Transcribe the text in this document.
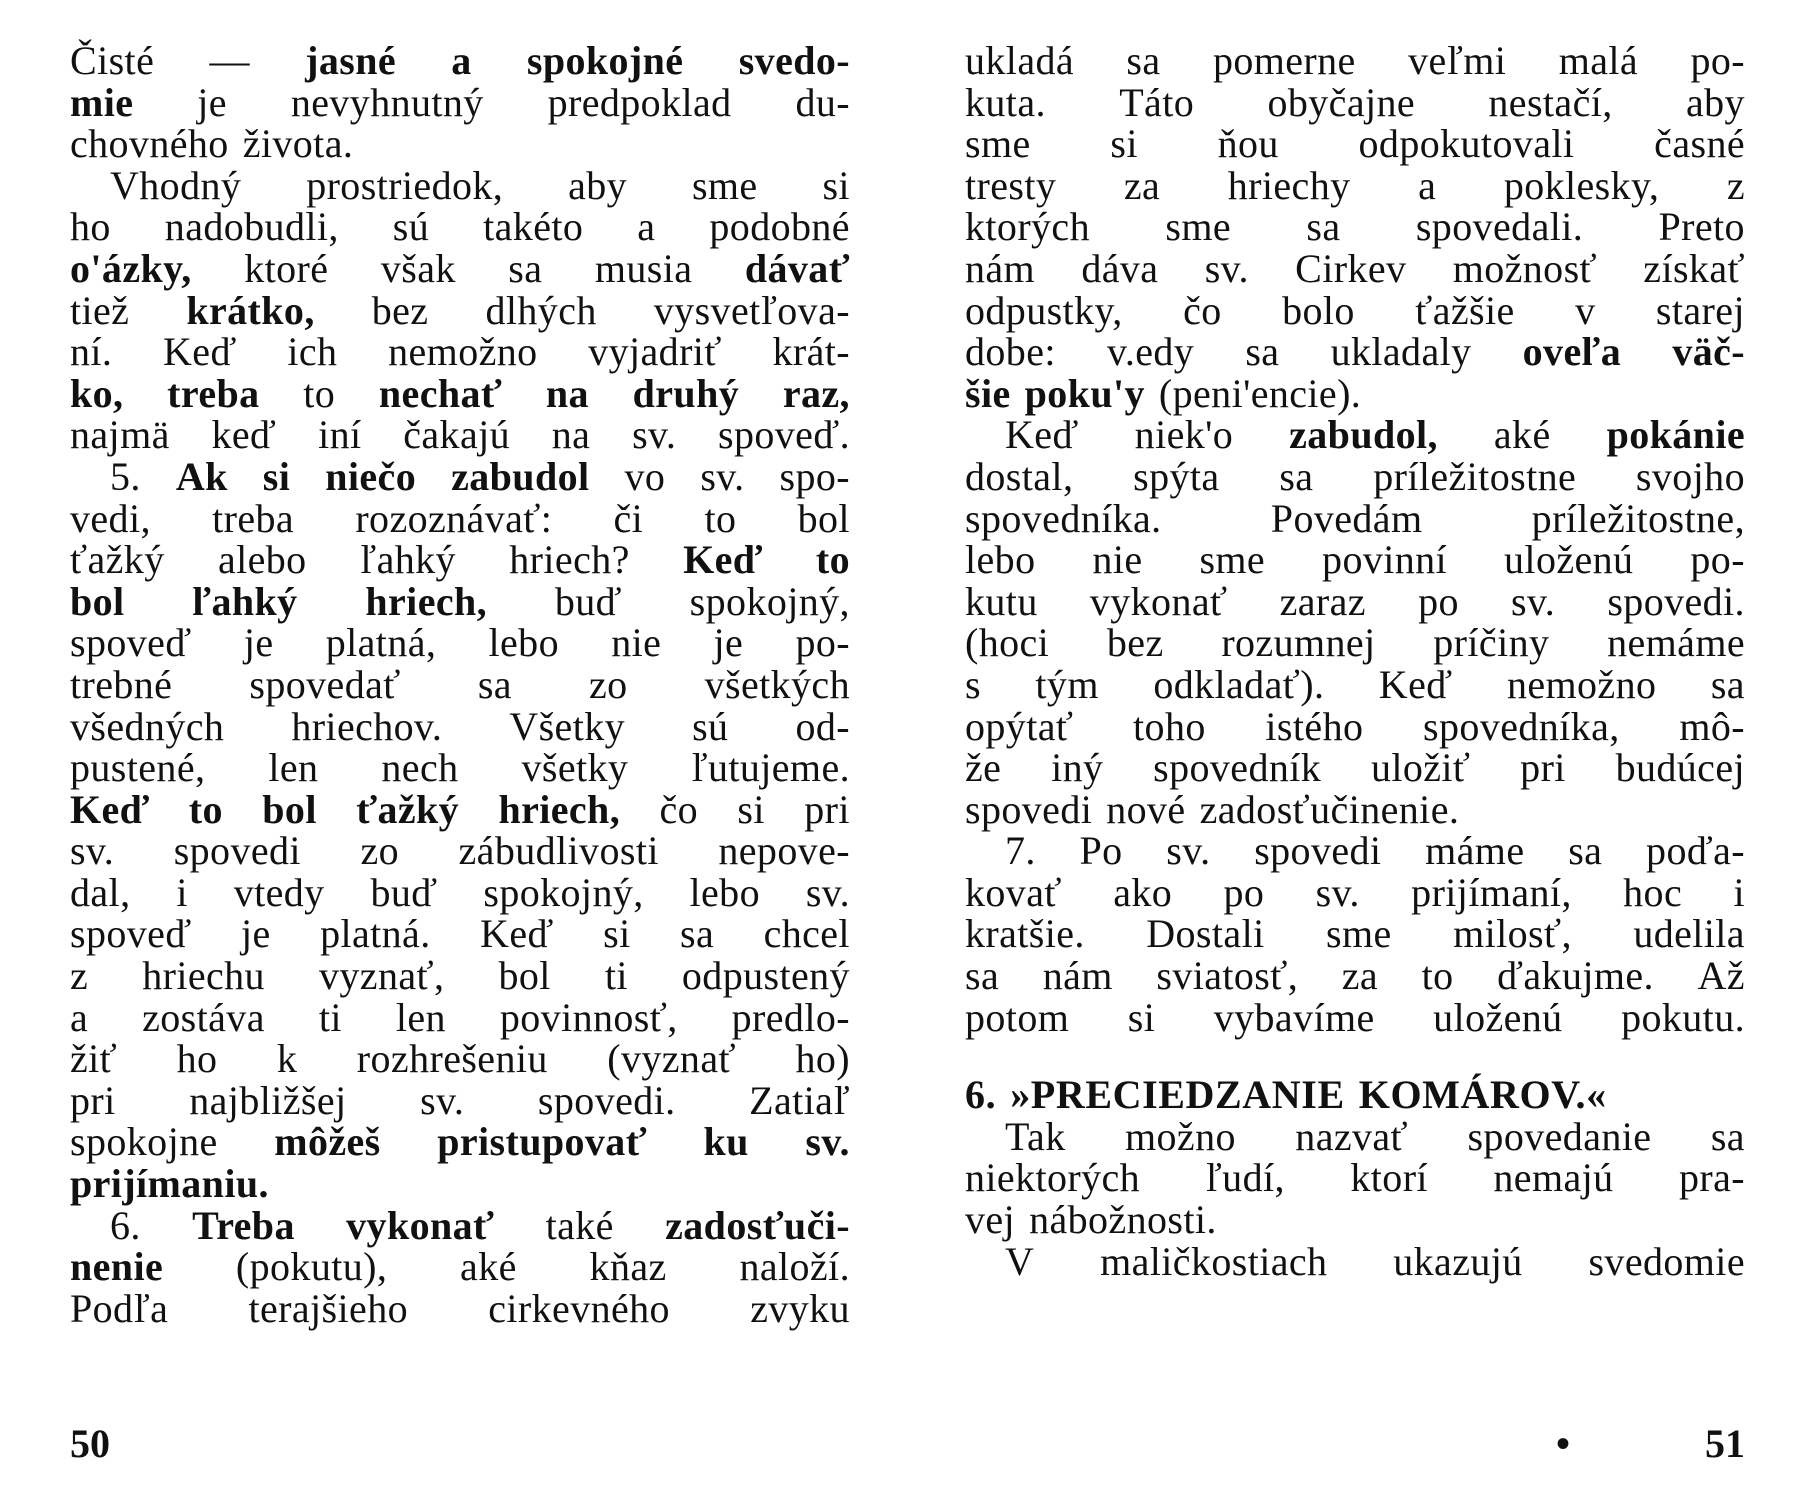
Čisté — jasné a spokojné svedo-
mie je nevyhnutný predpoklad du-
chovného života.
Vhodný prostriedok, aby sme si
ho nadobudli, sú takéto a podobné
o'ázky, ktoré však sa musia dávať
tiež krátko, bez dlhých vysvetľova-
ní. Keď ich nemožno vyjadriť krát-
ko, treba to nechať na druhý raz,
najmä keď iní čakajú na sv. spoveď.
5. Ak si niečo zabudol vo sv. spo-
vedi, treba rozoznávať: či to bol
ťažký alebo ľahký hriech? Keď to
bol ľahký hriech, buď spokojný,
spoveď je platná, lebo nie je po-
trebné spovedať sa zo všetkých
všedných hriechov. Všetky sú od-
pustené, len nech všetky ľutujeme.
Keď to bol ťažký hriech, čo si pri
sv. spovedi zo zábudlivosti nepove-
dal, i vtedy buď spokojný, lebo sv.
spoveď je platná. Keď si sa chcel
z hriechu vyznať, bol ti odpustený
a zostáva ti len povinnosť, predlo-
žiť ho k rozhrešeniu (vyznať ho)
pri najbližšej sv. spovedi. Zatiaľ
spokojne môžeš pristupovať ku sv.
prijímaniu.
6. Treba vykonať také zadosťuči-
nenie (pokutu), aké kňaz naloží.
Podľa terajšieho cirkevného zvyku
50
ukladá sa pomerne veľmi malá po-
kuta. Táto obyčajne nestačí, aby
sme si ňou odpokutovali časné
tresty za hriechy a poklesky, z
ktorých sme sa spovedali. Preto
nám dáva sv. Cirkev možnosť získať
odpustky, čo bolo ťažšie v starej
dobe: v.edy sa ukladaly oveľa väč-
šie poku'y (peni'encie).
Keď niek'o zabudol, aké pokánie
dostal, spýta sa príležitostne svojho
spovedníka.	Povedám	príležitostne,
lebo nie sme povinní uloženú po-
kutu vykonať zaraz po sv. spovedi.
(hoci bez rozumnej príčiny nemáme
s tým odkladať). Keď nemožno sa
opýtať toho istého spovedníka, mô-
že iný spovedník uložiť pri budúcej
spovedi nové zadosťučinenie.
7. Po sv. spovedi máme sa poďa-
kovať ako po sv. prijímaní, hoc i
kratšie. Dostali sme milosť, udelila
sa nám sviatosť, za to ďakujme. Až
potom si vybavíme uloženú pokutu.
6. »PRECIEDZANIE KOMÁROV.«
Tak možno nazvať spovedanie sa
niektorých ľudí, ktorí nemajú pra-
vej nábožnosti.
V maličkostiach ukazujú svedomie
•	51
